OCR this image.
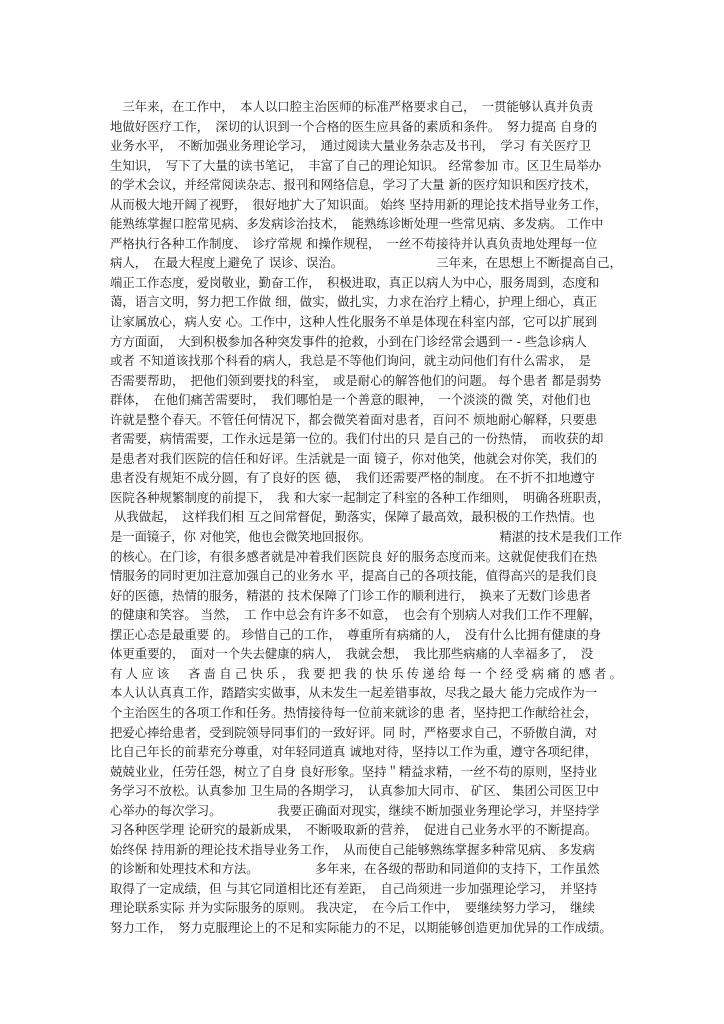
　三年来，在工作中，　本人以口腔主治医师的标准严格要求自己，　一贯能够认真并负责
地做好医疗工作，　深切的认识到一个合格的医生应具备的素质和条件。　努力提高 自身的
业务水平，　不断加强业务理论学习，　通过阅读大量业务杂志及书刊，　学习 有关医疗卫
生知识，　写下了大量的读书笔记，　丰富了自己的理论知识。 经常参加 市。区卫生局举办
的学术会议，并经常阅读杂志、报刊和网络信息，学习了大量 新的医疗知识和医疗技术，
从而极大地开阔了视野，　很好地扩大了知识面。 始终 坚持用新的理论技术指导业务工作，
能熟练掌握口腔常见病、多发病诊治技术，　能熟练诊断处理一些常见病、多发病。 工作中
严格执行各种工作制度、　诊疗常规 和操作规程，　一丝不苟接待并认真负责地处理每一位
病人，　在最大程度上避免了 误诊、误治。　　　　　　　　三年来，在思想上不断提高自己，
端正工作态度，爱岗敬业，勤奋工作，　积极进取，真正以病人为中心，服务周到，态度和
蔼，语言文明，努力把工作做 细，做实，做扎实，力求在治疗上精心，护理上细心，真正
让家属放心，病人安 心。工作中，这种人性化服务不单是体现在科室内部，它可以扩展到
方方面面，　大到积极参加各种突发事件的抢救，小到在门诊经常会遇到一 - 些急诊病人
或者 不知道该找那个科看的病人，我总是不等他们询问，就主动问他们有什么需求，　是
否需要帮助，　把他们领到要找的科室，　或是耐心的解答他们的问题。 每个患者 都是弱势
群体，　在他们痛苦需要时，　我们哪怕是一个善意的眼神，　一个淡淡的微 笑，对他们也
许就是整个春天。不管任何情况下，都会微笑着面对患者，百问不 烦地耐心解释，只要患
者需要，病情需要，工作永远是第一位的。我们付出的只 是自己的一份热情，　而收获的却
是患者对我们医院的信任和好评。生活就是一面 镜子，你对他笑，他就会对你笑，我们的
患者没有规矩不成分圆，有了良好的医 德，　我们还需要严格的制度。 在不折不扣地遵守
医院各种规繁制度的前提下，　我 和大家一起制定了科室的各种工作细则，　明确各班职责，
从我做起，　这样我们相 互之间常督促，勤落实，保障了最高效，最积极的工作热情。也
是一面镜子，你 对他笑，他也会微笑地回报你。　　　　　　　　　　　精湛的技术是我们工作
的核心。在门诊，有很多感者就是冲着我们医院良 好的服务态度而来。这就促使我们在热
情服务的同时更加注意加强自己的业务水 平，提高自己的各项技能，值得高兴的是我们良
好的医德，热情的服务，精湛的 技术保障了门诊工作的顺利进行，　换来了无数门诊患者
的健康和笑容。 当然，　工 作中总会有许多不如意，　也会有个别病人对我们工作不理解，
摆正心态是最重要 的。 珍惜自己的工作，　尊重所有病痛的人，　没有什么比拥有健康的身
体更重要的，　面对一个失去健康的病人，　我就会想，　我比那些病痛的人幸福多了，　没
有 人 应 该 　 吝 啬 自 己 快 乐 ， 我 要 把 我 的 快 乐 传 递 给 每 一 个 经 受 病 痛 的 感 者 。
本人认认真真工作，踏踏实实做事，从未发生一起差错事故，尽我之最大 能力完成作为一
个主治医生的各项工作和任务。热情接待每一位前来就诊的患 者，坚持把工作献给社会，
把爱心捧给患者，受到院领导同事们的一致好评。同 时，严格要求自己，不骄傲自満，对
比自己年长的前辈充分尊重，对年轻同道真 诚地对待，坚持以工作为重，遵守各项纪律，
兢兢业业，任劳任怨，树立了自身 良好形象。坚持＂精益求精，一丝不苟的原则，坚持业
务学习不放松。认真参加 卫生局的各期学习，　认真参加大同市、 矿区、 集团公司医卫中
心举办的每次学习。　　　　　我要正确面对现实，继续不断加强业务理论学习，并坚持学
习各种医学理 论研究的最新成果，　不断吸取新的营养，　促进自己业务水平的不断提高。
始终保 持用新的理论技术指导业务工作，　从而使自己能够熟练掌握多种常见病、 多发病
的诊断和处理技术和方法。　　　　　多年来，在各级的帮助和同道仰的支持下，工作虽然
取得了一定成绩，但 与其它同道相比还有差距，　自己尚须进一步加强理论学习，　并坚持
理论联系实际 并为实际服务的原则。 我决定，　在今后工作中，　要继续努力学习，　继续
努力工作，　努力克服理论上的不足和实际能力的不足，以期能够创造更加优异的工作成绩。
